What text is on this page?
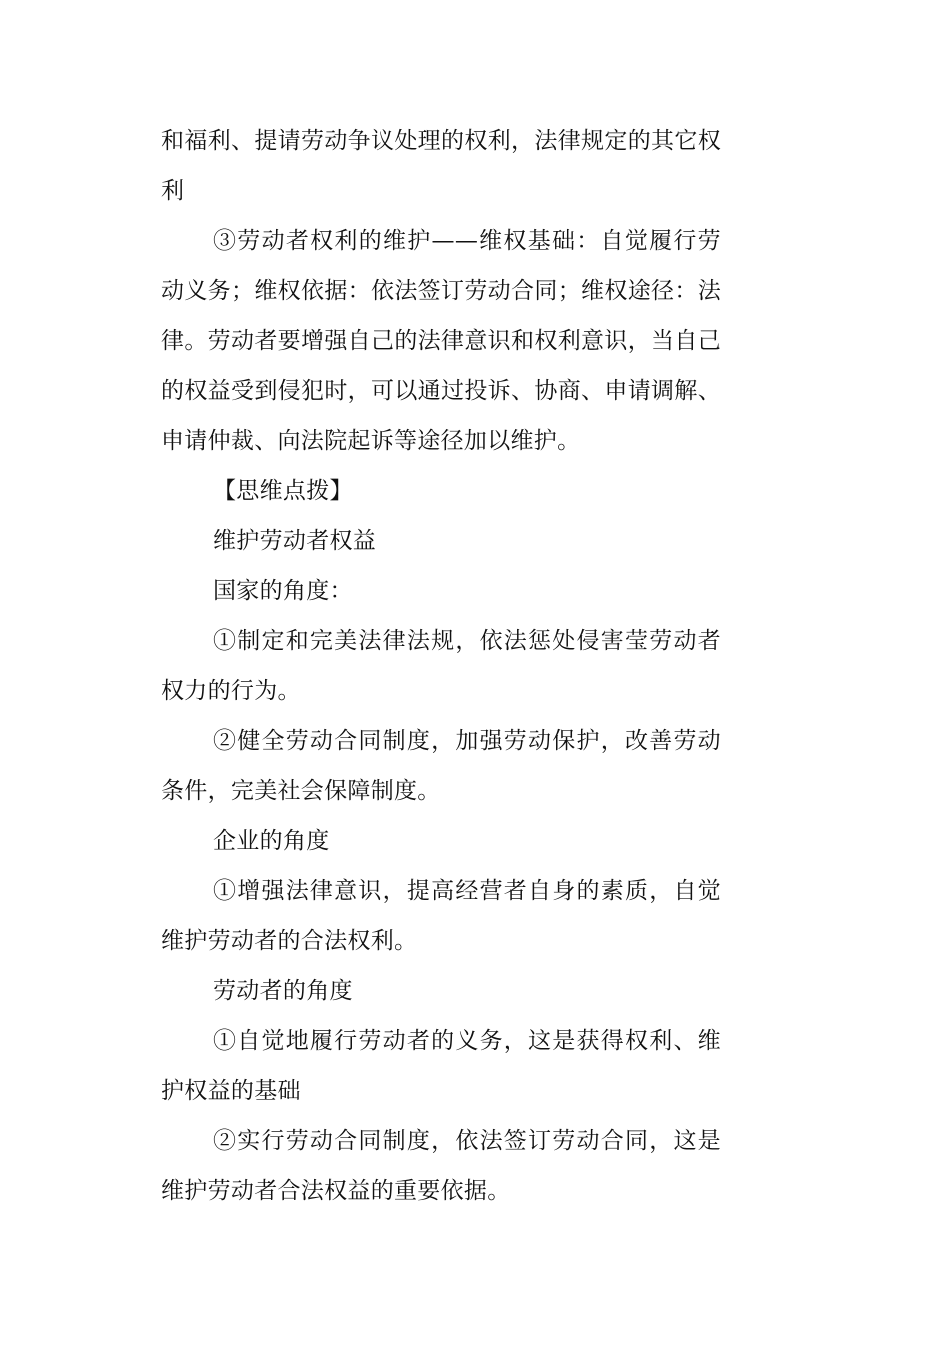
和福利、提请劳动争议处理的权利，法律规定的其它权利

③劳动者权利的维护——维权基础：自觉履行劳动义务；维权依据：依法签订劳动合同；维权途径：法律。劳动者要增强自己的法律意识和权利意识，当自己的权益受到侵犯时，可以通过投诉、协商、申请调解、申请仲裁、向法院起诉等途径加以维护。

【思维点拨】

维护劳动者权益

国家的角度：

①制定和完美法律法规，依法惩处侵害莹劳动者权力的行为。

②健全劳动合同制度，加强劳动保护，改善劳动条件，完美社会保障制度。

企业的角度

①增强法律意识，提高经营者自身的素质，自觉维护劳动者的合法权利。

劳动者的角度

①自觉地履行劳动者的义务，这是获得权利、维护权益的基础

②实行劳动合同制度，依法签订劳动合同，这是维护劳动者合法权益的重要依据。
